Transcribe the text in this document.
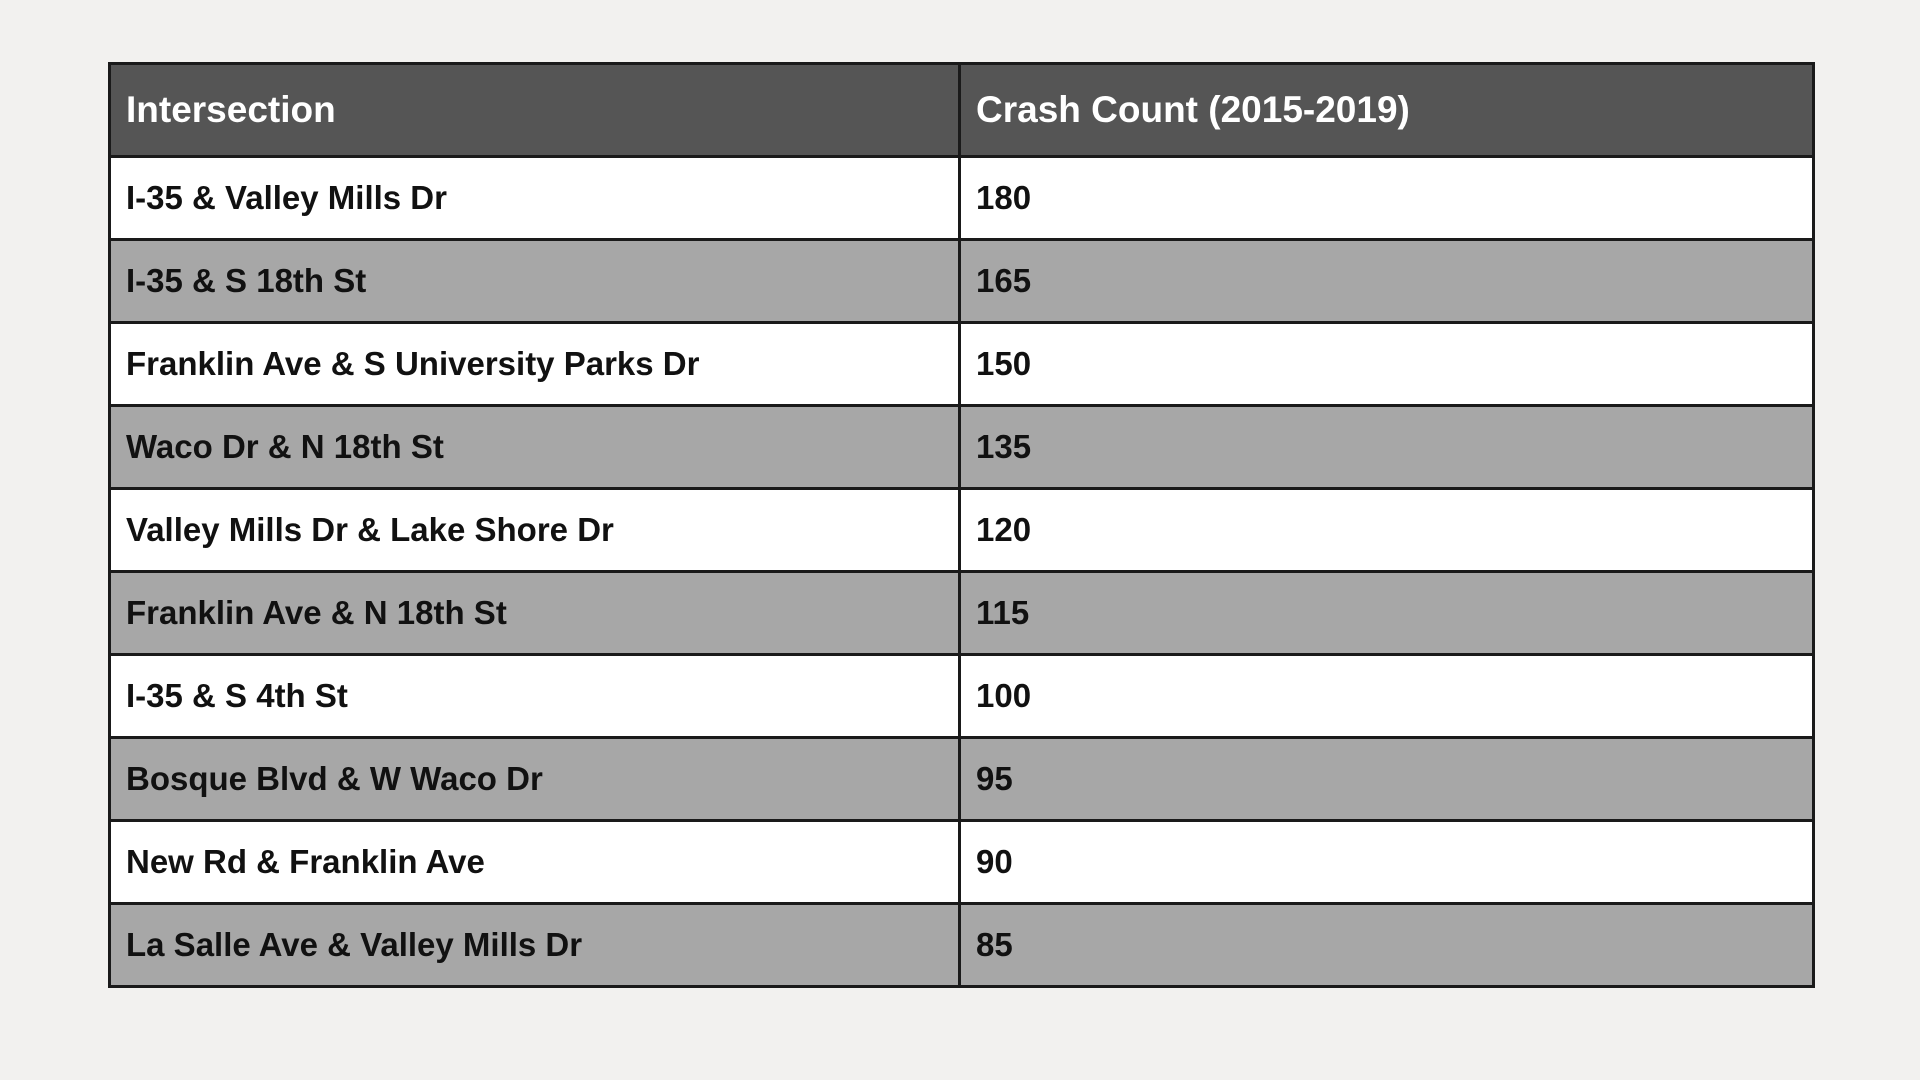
Intersection	Crash Count (2015-2019)
I-35 & Valley Mills Dr	180
I-35 & S 18th St	165
Franklin Ave & S University Parks Dr	150
Waco Dr & N 18th St	135
Valley Mills Dr & Lake Shore Dr	120
Franklin Ave & N 18th St	115
I-35 & S 4th St	100
Bosque Blvd & W Waco Dr	95
New Rd & Franklin Ave	90
La Salle Ave & Valley Mills Dr	85
